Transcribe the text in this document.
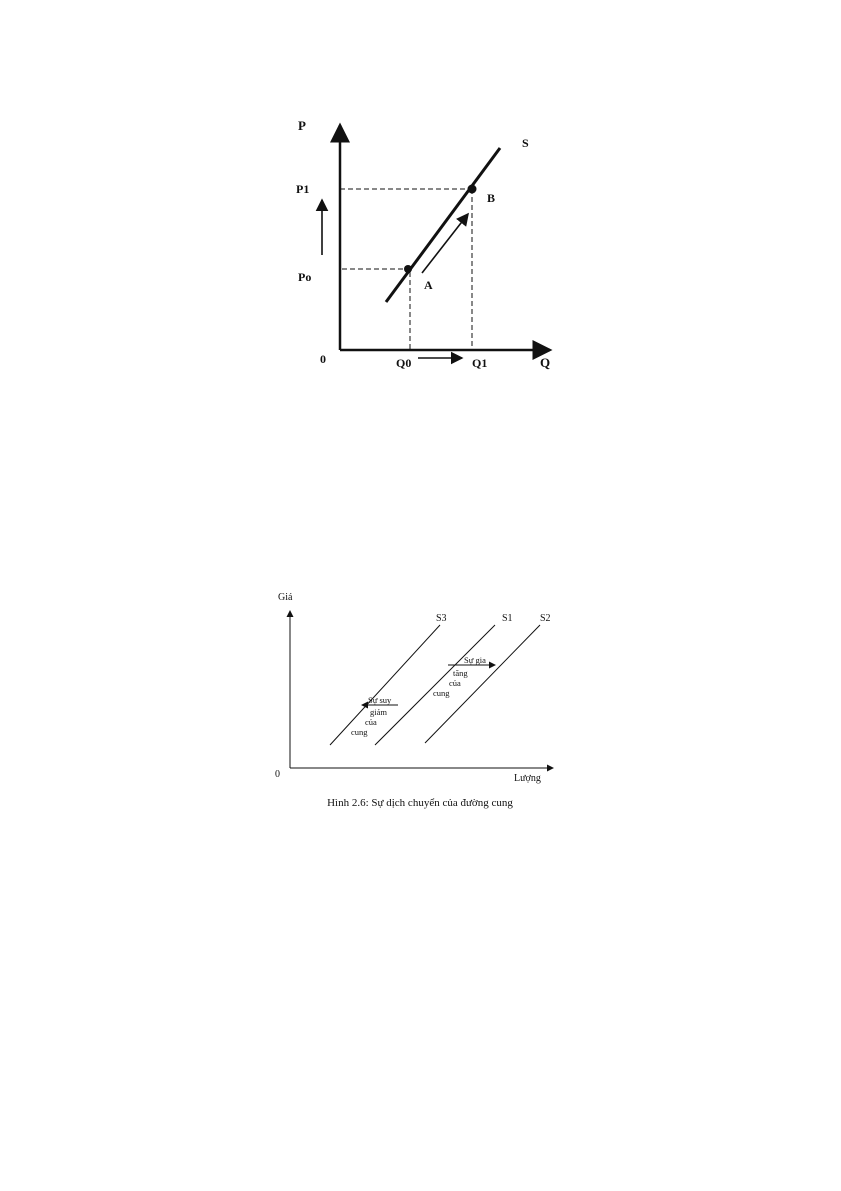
P
Q
0
S
P1
Po
Q0	Q1
A
B
S3	S1	S2
Sự gia
tăng
của
cung
Sự suy
giảm
của
cung
Giá
Lượng
0
Hình 2.6: Sự dịch chuyển của đường cung
